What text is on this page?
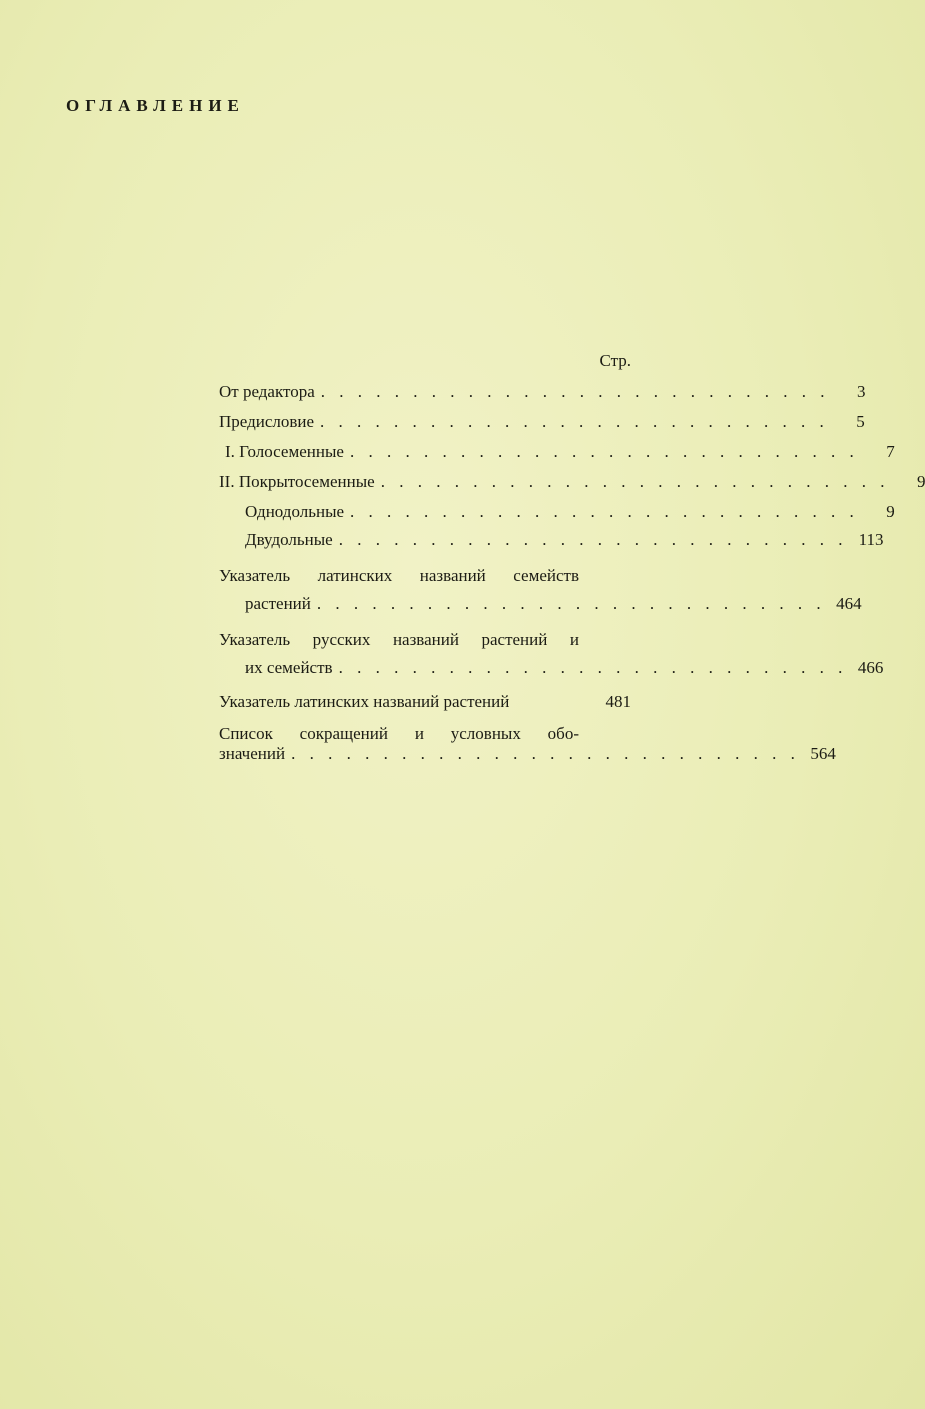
ОГЛАВЛЕНИЕ
Стр.
От редактора . . . . . . . . . . . . . . . . . . . . . . . . . . . .	3
Предисловие . . . . . . . . . . . . . . . . . . . . . . . . . . . .	5
I. Голосеменные . . . . . . . . . . . . . . . . . . . . . . . . . . . .	7
II. Покрытосеменные . . . . . . . . . . . . . . . . . . . . . . . . . . . .	9
Однодольные . . . . . . . . . . . . . . . . . . . . . . . . . . . .	9
Двудольные . . . . . . . . . . . . . . . . . . . . . . . . . . . . 113
Указатель латинских названий семейств
растений . . . . . . . . . . . . . . . . . . . . . . . . . . . . 464
Указатель русских названий растений и
их семейств . . . . . . . . . . . . . . . . . . . . . . . . . . . . 466
Указатель латинских названий растений	481
Список сокращений и условных обо-
значений . . . . . . . . . . . . . . . . . . . . . . . . . . . . 564
